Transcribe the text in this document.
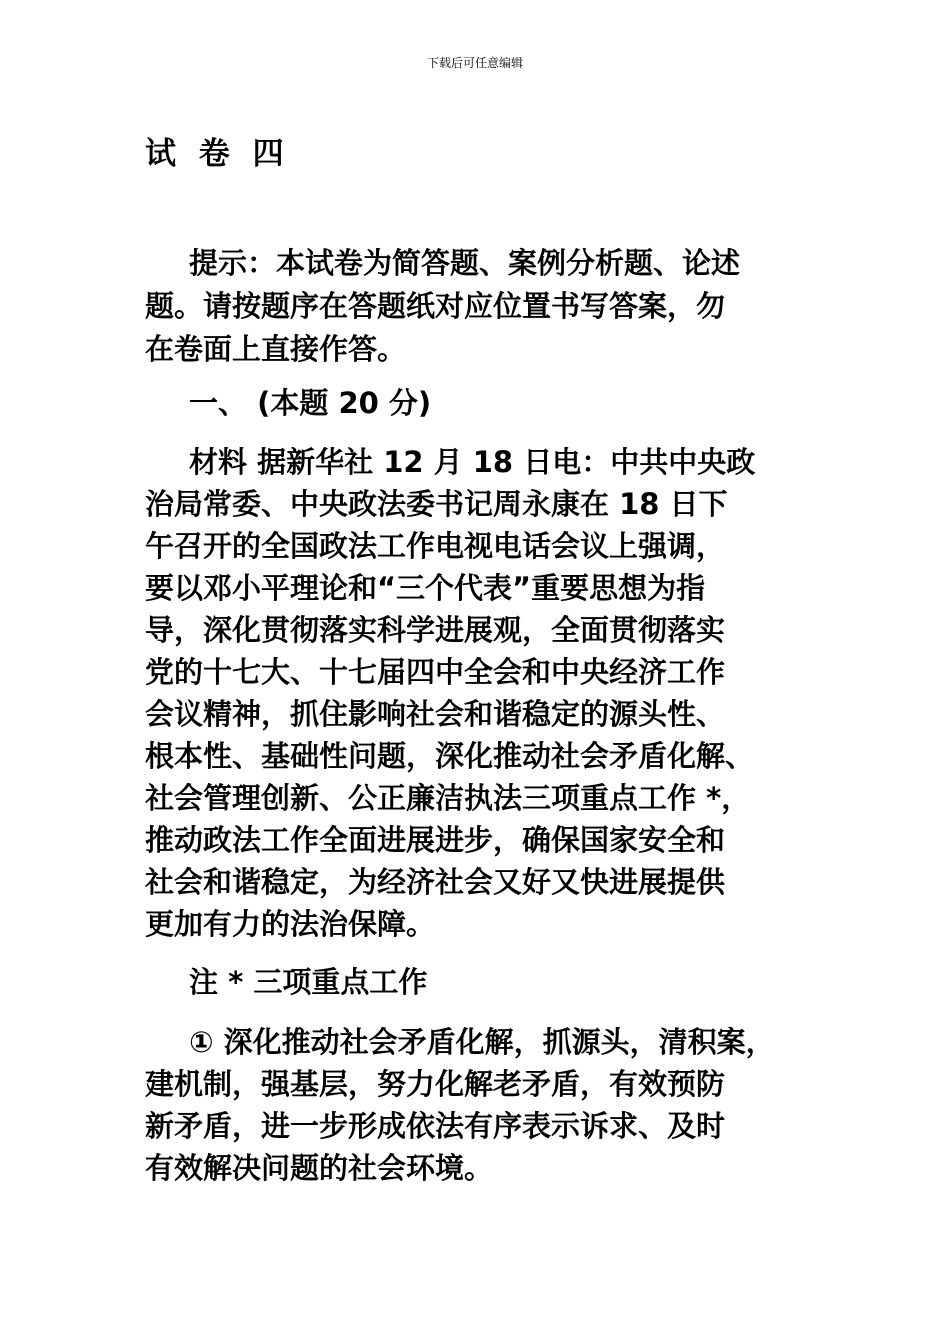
下载后可任意编辑
试 卷 四
提示：本试卷为简答题、案例分析题、论述
题。请按题序在答题纸对应位置书写答案，勿
在卷面上直接作答。
一、 (本题 20 分)
材料 据新华社 12 月 18 日电：中共中央政
治局常委、中央政法委书记周永康在 18 日下
午召开的全国政法工作电视电话会议上强调，
要以邓小平理论和“三个代表”重要思想为指
导，深化贯彻落实科学进展观，全面贯彻落实
党的十七大、十七届四中全会和中央经济工作
会议精神，抓住影响社会和谐稳定的源头性、
根本性、基础性问题，深化推动社会矛盾化解、
社会管理创新、公正廉洁执法三项重点工作 *，
推动政法工作全面进展进步，确保国家安全和
社会和谐稳定，为经济社会又好又快进展提供
更加有力的法治保障。
注 * 三项重点工作
① 深化推动社会矛盾化解，抓源头，清积案，
建机制，强基层，努力化解老矛盾，有效预防
新矛盾，进一步形成依法有序表示诉求、及时
有效解决问题的社会环境。
